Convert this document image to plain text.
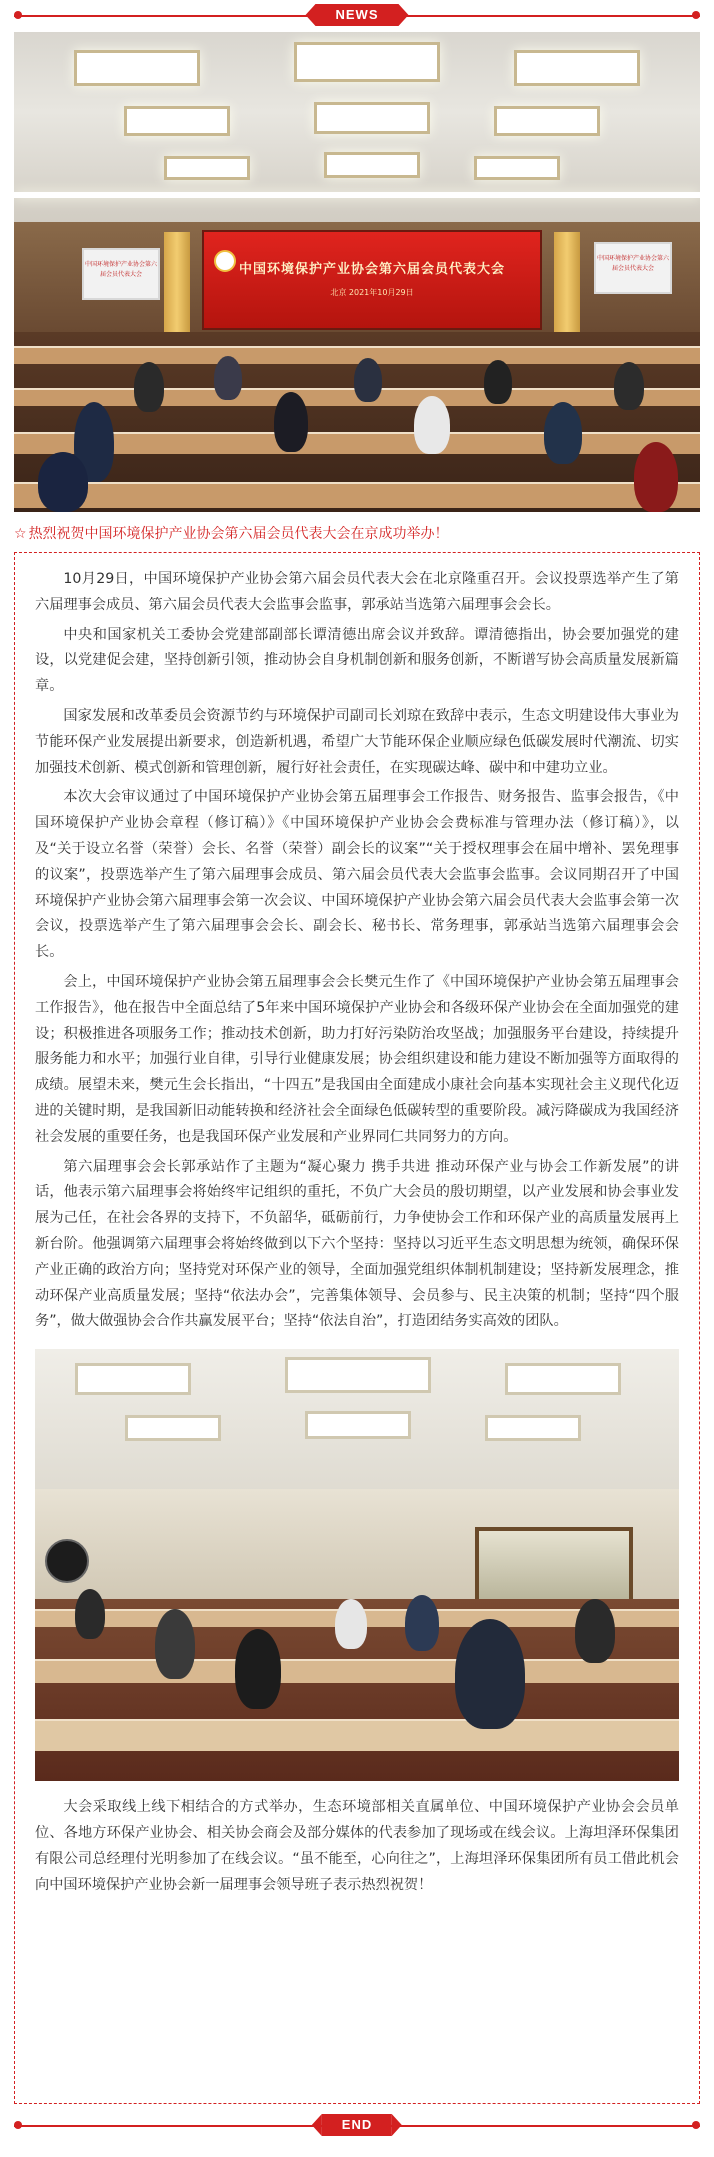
NEWS
中国环境保护产业协会第六届会员代表大会
中国环境保护产业协会第六届会员代表大会
中国环境保护产业协会第六届会员代表大会
北京 2021年10月29日
☆ 热烈祝贺中国环境保护产业协会第六届会员代表大会在京成功举办！

10月29日，中国环境保护产业协会第六届会员代表大会在北京隆重召开。会议投票选举产生了第六届理事会成员、第六届会员代表大会监事会监事，郭承站当选第六届理事会会长。

中央和国家机关工委协会党建部副部长谭清德出席会议并致辞。谭清德指出，协会要加强党的建设，以党建促会建，坚持创新引领，推动协会自身机制创新和服务创新，不断谱写协会高质量发展新篇章。

国家发展和改革委员会资源节约与环境保护司副司长刘琼在致辞中表示，生态文明建设伟大事业为节能环保产业发展提出新要求，创造新机遇，希望广大节能环保企业顺应绿色低碳发展时代潮流、切实加强技术创新、模式创新和管理创新，履行好社会责任，在实现碳达峰、碳中和中建功立业。

本次大会审议通过了中国环境保护产业协会第五届理事会工作报告、财务报告、监事会报告，《中国环境保护产业协会章程（修订稿）》《中国环境保护产业协会会费标准与管理办法（修订稿）》，以及“关于设立名誉（荣誉）会长、名誉（荣誉）副会长的议案”“关于授权理事会在届中增补、罢免理事的议案”，投票选举产生了第六届理事会成员、第六届会员代表大会监事会监事。会议同期召开了中国环境保护产业协会第六届理事会第一次会议、中国环境保护产业协会第六届会员代表大会监事会第一次会议，投票选举产生了第六届理事会会长、副会长、秘书长、常务理事，郭承站当选第六届理事会会长。

会上，中国环境保护产业协会第五届理事会会长樊元生作了《中国环境保护产业协会第五届理事会工作报告》，他在报告中全面总结了5年来中国环境保护产业协会和各级环保产业协会在全面加强党的建设；积极推进各项服务工作；推动技术创新，助力打好污染防治攻坚战；加强服务平台建设，持续提升服务能力和水平；加强行业自律，引导行业健康发展；协会组织建设和能力建设不断加强等方面取得的成绩。展望未来，樊元生会长指出，“十四五”是我国由全面建成小康社会向基本实现社会主义现代化迈进的关键时期，是我国新旧动能转换和经济社会全面绿色低碳转型的重要阶段。减污降碳成为我国经济社会发展的重要任务，也是我国环保产业发展和产业界同仁共同努力的方向。

第六届理事会会长郭承站作了主题为“凝心聚力 携手共进 推动环保产业与协会工作新发展”的讲话，他表示第六届理事会将始终牢记组织的重托，不负广大会员的殷切期望，以产业发展和协会事业发展为己任，在社会各界的支持下，不负韶华，砥砺前行，力争使协会工作和环保产业的高质量发展再上新台阶。他强调第六届理事会将始终做到以下六个坚持：坚持以习近平生态文明思想为统领，确保环保产业正确的政治方向；坚持党对环保产业的领导，全面加强党组织体制机制建设；坚持新发展理念，推动环保产业高质量发展；坚持“依法办会”，完善集体领导、会员参与、民主决策的机制；坚持“四个服务”，做大做强协会合作共赢发展平台；坚持“依法自治”，打造团结务实高效的团队。

大会采取线上线下相结合的方式举办，生态环境部相关直属单位、中国环境保护产业协会会员单位、各地方环保产业协会、相关协会商会及部分媒体的代表参加了现场或在线会议。上海坦泽环保集团有限公司总经理付光明参加了在线会议。“虽不能至，心向往之”，上海坦泽环保集团所有员工借此机会向中国环境保护产业协会新一届理事会领导班子表示热烈祝贺！

END
